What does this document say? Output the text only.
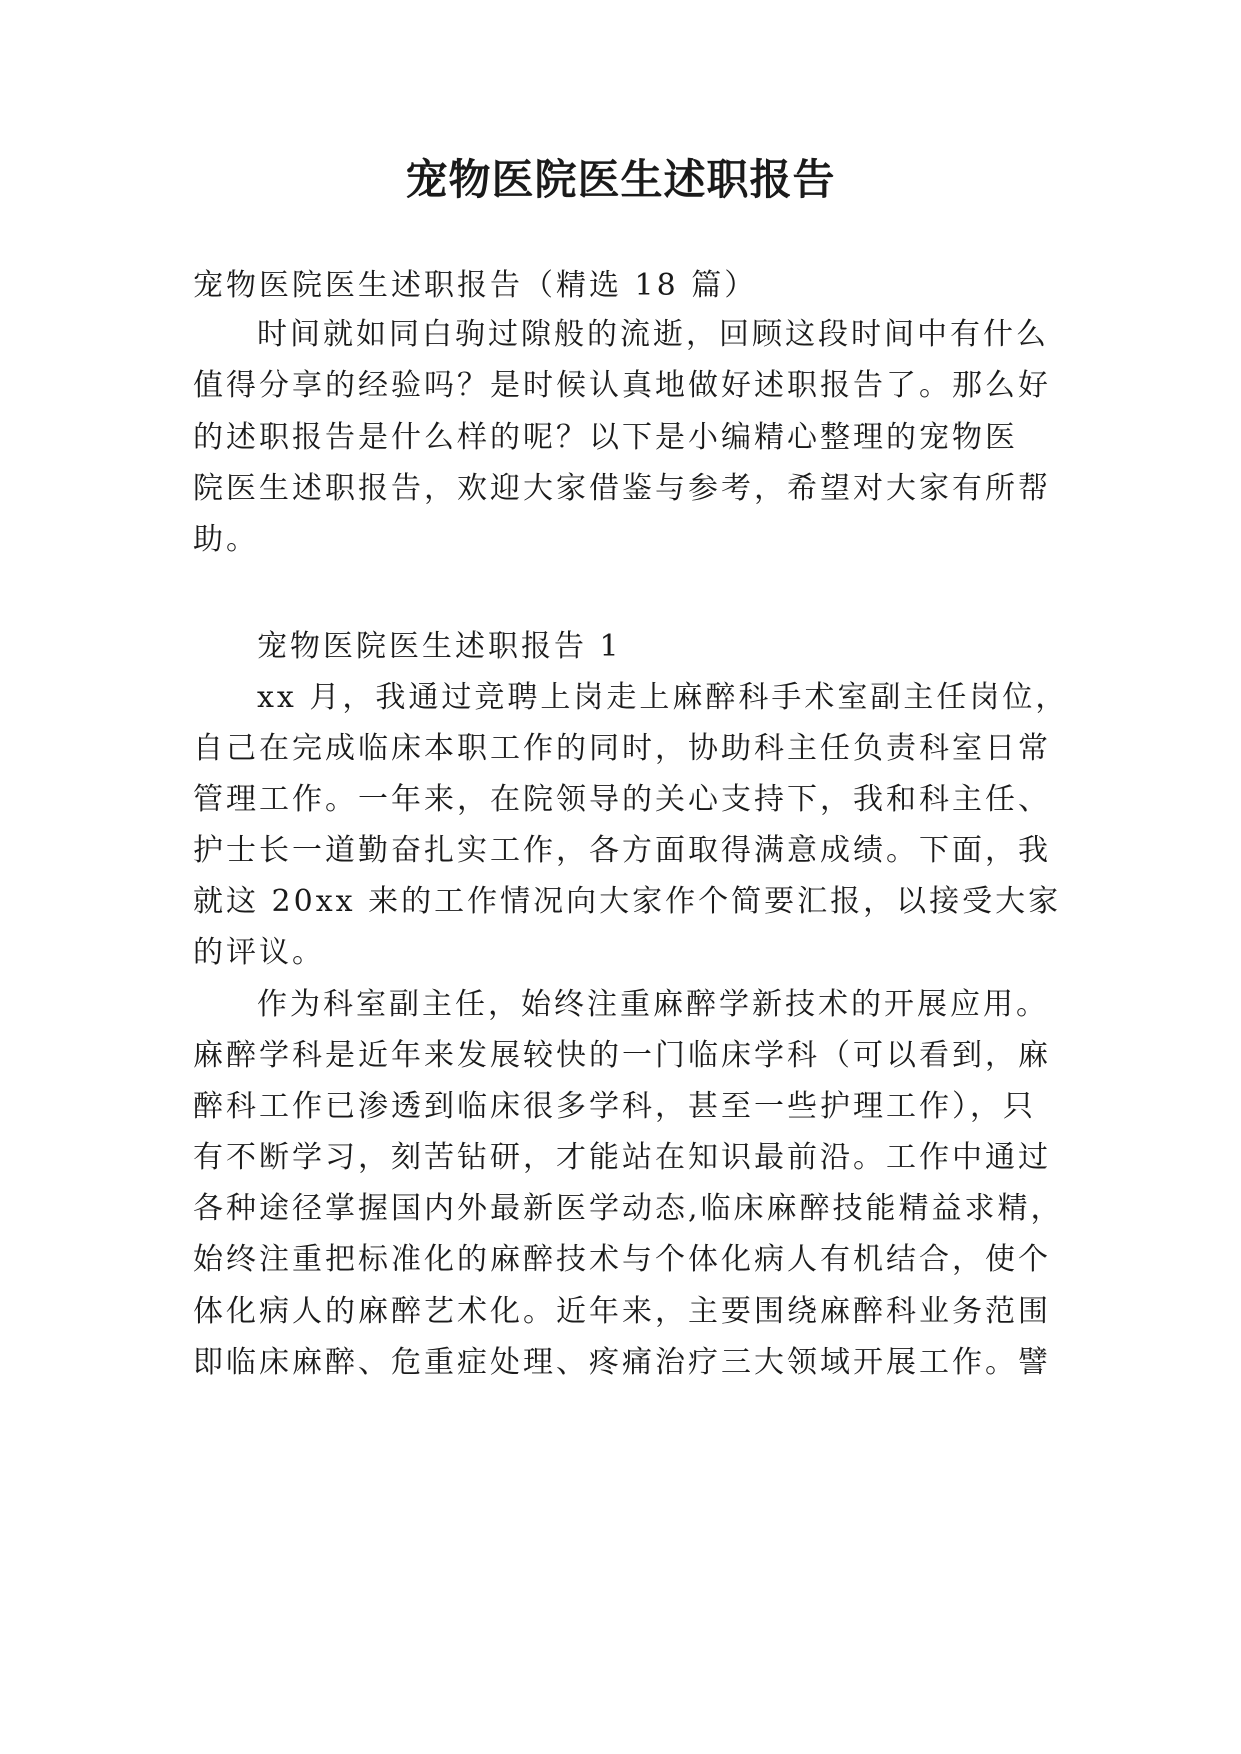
宠物医院医生述职报告

宠物医院医生述职报告（精选 18 篇）

时间就如同白驹过隙般的流逝，回顾这段时间中有什么

值得分享的经验吗？是时候认真地做好述职报告了。那么好

的述职报告是什么样的呢？以下是小编精心整理的宠物医

院医生述职报告，欢迎大家借鉴与参考，希望对大家有所帮

助。

宠物医院医生述职报告 1

xx 月，我通过竞聘上岗走上麻醉科手术室副主任岗位，

自己在完成临床本职工作的同时，协助科主任负责科室日常

管理工作。一年来，在院领导的关心支持下，我和科主任、

护士长一道勤奋扎实工作，各方面取得满意成绩。下面，我

就这 20xx 来的工作情况向大家作个简要汇报，以接受大家

的评议。

作为科室副主任，始终注重麻醉学新技术的开展应用。

麻醉学科是近年来发展较快的一门临床学科（可以看到，麻

醉科工作已渗透到临床很多学科，甚至一些护理工作），只

有不断学习，刻苦钻研，才能站在知识最前沿。工作中通过

各种途径掌握国内外最新医学动态,临床麻醉技能精益求精，

始终注重把标准化的麻醉技术与个体化病人有机结合，使个

体化病人的麻醉艺术化。近年来，主要围绕麻醉科业务范围

即临床麻醉、危重症处理、疼痛治疗三大领域开展工作。譬
